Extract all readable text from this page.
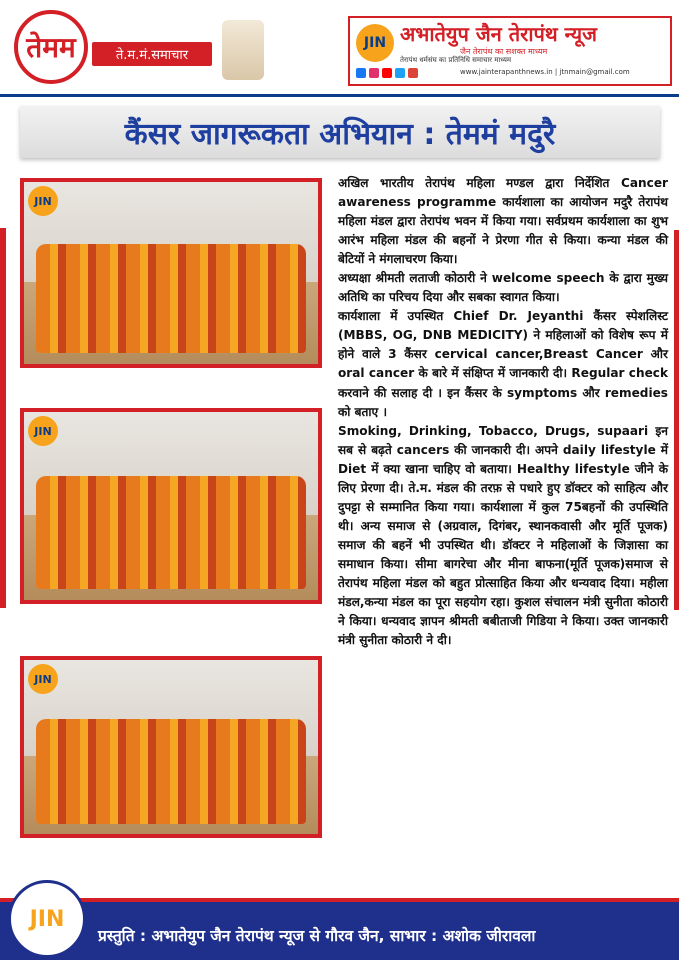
तेमम	ते.म.मं.समाचार
JIN अभातेयुप जैन तेरापंथ न्यूज
जैन तेरापंथ का सशक्त माध्यम
तेरापंथ धर्मसंघ का प्रतिनिधि समाचार माध्यम
www.jainterapanthnews.in | jtnmain@gmail.com
कैंसर जागरूकता अभियान : तेममं मदुरै
JIN
JIN
JIN

अखिल भारतीय तेरापंथ महिला मण्डल द्वारा निर्देशित Cancer awareness programme कार्यशाला का आयोजन मदुरै तेरापंथ महिला मंडल द्वारा तेरापंथ भवन में किया गया। सर्वप्रथम कार्यशाला का शुभ आरंभ महिला मंडल की बहनों ने प्रेरणा गीत से किया। कन्या मंडल की बेटियों ने मंगलाचरण किया।

अध्यक्षा श्रीमती लताजी कोठारी ने welcome speech के द्वारा मुख्य अतिथि का परिचय दिया और सबका स्वागत किया।

कार्यशाला में उपस्थित Chief Dr. Jeyanthi कैंसर स्पेशलिस्ट (MBBS, OG, DNB MEDICITY) ने महिलाओं को विशेष रूप में होने वाले 3 कैंसर cervical cancer,Breast Cancer और oral cancer के बारे में संक्षिप्त में जानकारी दी। Regular check करवाने की सलाह दी । इन कैंसर के symptoms और remedies को बताए ।

Smoking, Drinking, Tobacco, Drugs, supaari इन सब से बढ़ते cancers की जानकारी दी। अपने daily lifestyle में Diet में क्या खाना चाहिए वो बताया। Healthy lifestyle जीने के लिए प्रेरणा दी। ते.म. मंडल की तरफ़ से पधारे हुए डॉक्टर को साहित्य और दुपट्टा से सम्मानित किया गया। कार्यशाला में कुल 75बहनों की उपस्थिति थी। अन्य समाज से (अग्रवाल, दिगंबर, स्थानकवासी और मूर्ति पूजक) समाज की बहनें भी उपस्थित थी। डॉक्टर ने महिलाओं के जिज्ञासा का समाधान किया। सीमा बागरेचा और मीना बाफना(मूर्ति पूजक)समाज से तेरापंथ महिला मंडल को बहुत प्रोत्साहित किया और धन्यवाद दिया। महीला मंडल,कन्या मंडल का पूरा सहयोग रहा। कुशल संचालन मंत्री सुनीता कोठारी ने किया। धन्यवाद ज्ञापन श्रीमती बबीताजी गिडिया ने किया। उक्त जानकारी मंत्री सुनीता कोठारी ने दी।

JIN
प्रस्तुति : अभातेयुप जैन तेरापंथ न्यूज से गौरव जैन, साभार : अशोक जीरावला
